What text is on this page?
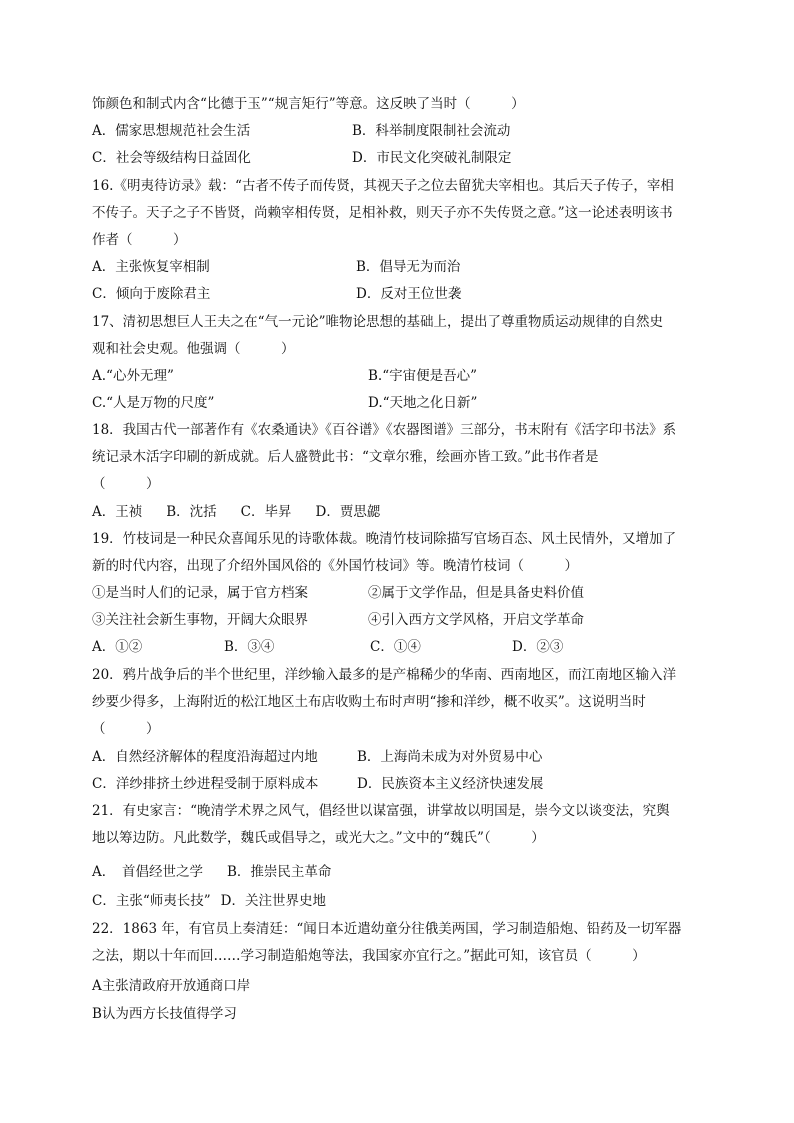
饰颜色和制式内含“比德于玉”“规言矩行”等意。这反映了当时（　　　）
A．儒家思想规范社会生活	B．科举制度限制社会流动
C．社会等级结构日益固化	D．市民文化突破礼制限定
16.《明夷待访录》载：“古者不传子而传贤，其视天子之位去留犹夫宰相也。其后天子传子，宰相
不传子。天子之子不皆贤，尚赖宰相传贤，足相补救，则天子亦不失传贤之意。”这一论述表明该书
作者（　　　）
A．主张恢复宰相制	B．倡导无为而治
C．倾向于废除君主	D．反对王位世袭
17、清初思想巨人王夫之在“气一元论”唯物论思想的基础上，提出了尊重物质运动规律的自然史
观和社会史观。他强调（　　　）
A.“心外无理”	B.“宇宙便是吾心”
C.“人是万物的尺度”	D.“天地之化日新”
18．我国古代一部著作有《农桑通诀》《百谷谱》《农器图谱》三部分，书末附有《活字印书法》系
统记录木活字印刷的新成就。后人盛赞此书：“文章尔雅，绘画亦皆工致。”此书作者是
（　　　）
A．王祯 B．沈括 C．毕昇 D．贾思勰
19．竹枝词是一种民众喜闻乐见的诗歌体裁。晚清竹枝词除描写官场百态、风土民情外，又增加了
新的时代内容，出现了介绍外国风俗的《外国竹枝词》等。晚清竹枝词（　　　）
①是当时人们的记录，属于官方档案	②属于文学作品，但是具备史料价值
③关注社会新生事物，开阔大众眼界	④引入西方文学风格，开启文学革命
A．①②	B．③④	C．①④	D．②③
20．鸦片战争后的半个世纪里，洋纱输入最多的是产棉稀少的华南、西南地区，而江南地区输入洋
纱要少得多，上海附近的松江地区土布店收购土布时声明“掺和洋纱，概不收买”。这说明当时
（　　　）
A．自然经济解体的程度沿海超过内地	B．上海尚未成为对外贸易中心
C．洋纱排挤土纱进程受制于原料成本	D．民族资本主义经济快速发展
21．有史家言：“晚清学术界之风气，倡经世以谋富强，讲掌故以明国是，崇今文以谈变法，究舆
地以筹边防。凡此数学，魏氏或倡导之，或光大之。”文中的“魏氏”（　　　）
A．　首倡经世之学 B．推崇民主革命
C．主张“师夷长技” D．关注世界史地
22．1863 年，有官员上奏清廷：“闻日本近遣幼童分往俄美两国，学习制造船炮、铅药及一切军器
之法，期以十年而回……学习制造船炮等法，我国家亦宜行之。”据此可知，该官员（　　　）
A主张清政府开放通商口岸
B认为西方长技值得学习
